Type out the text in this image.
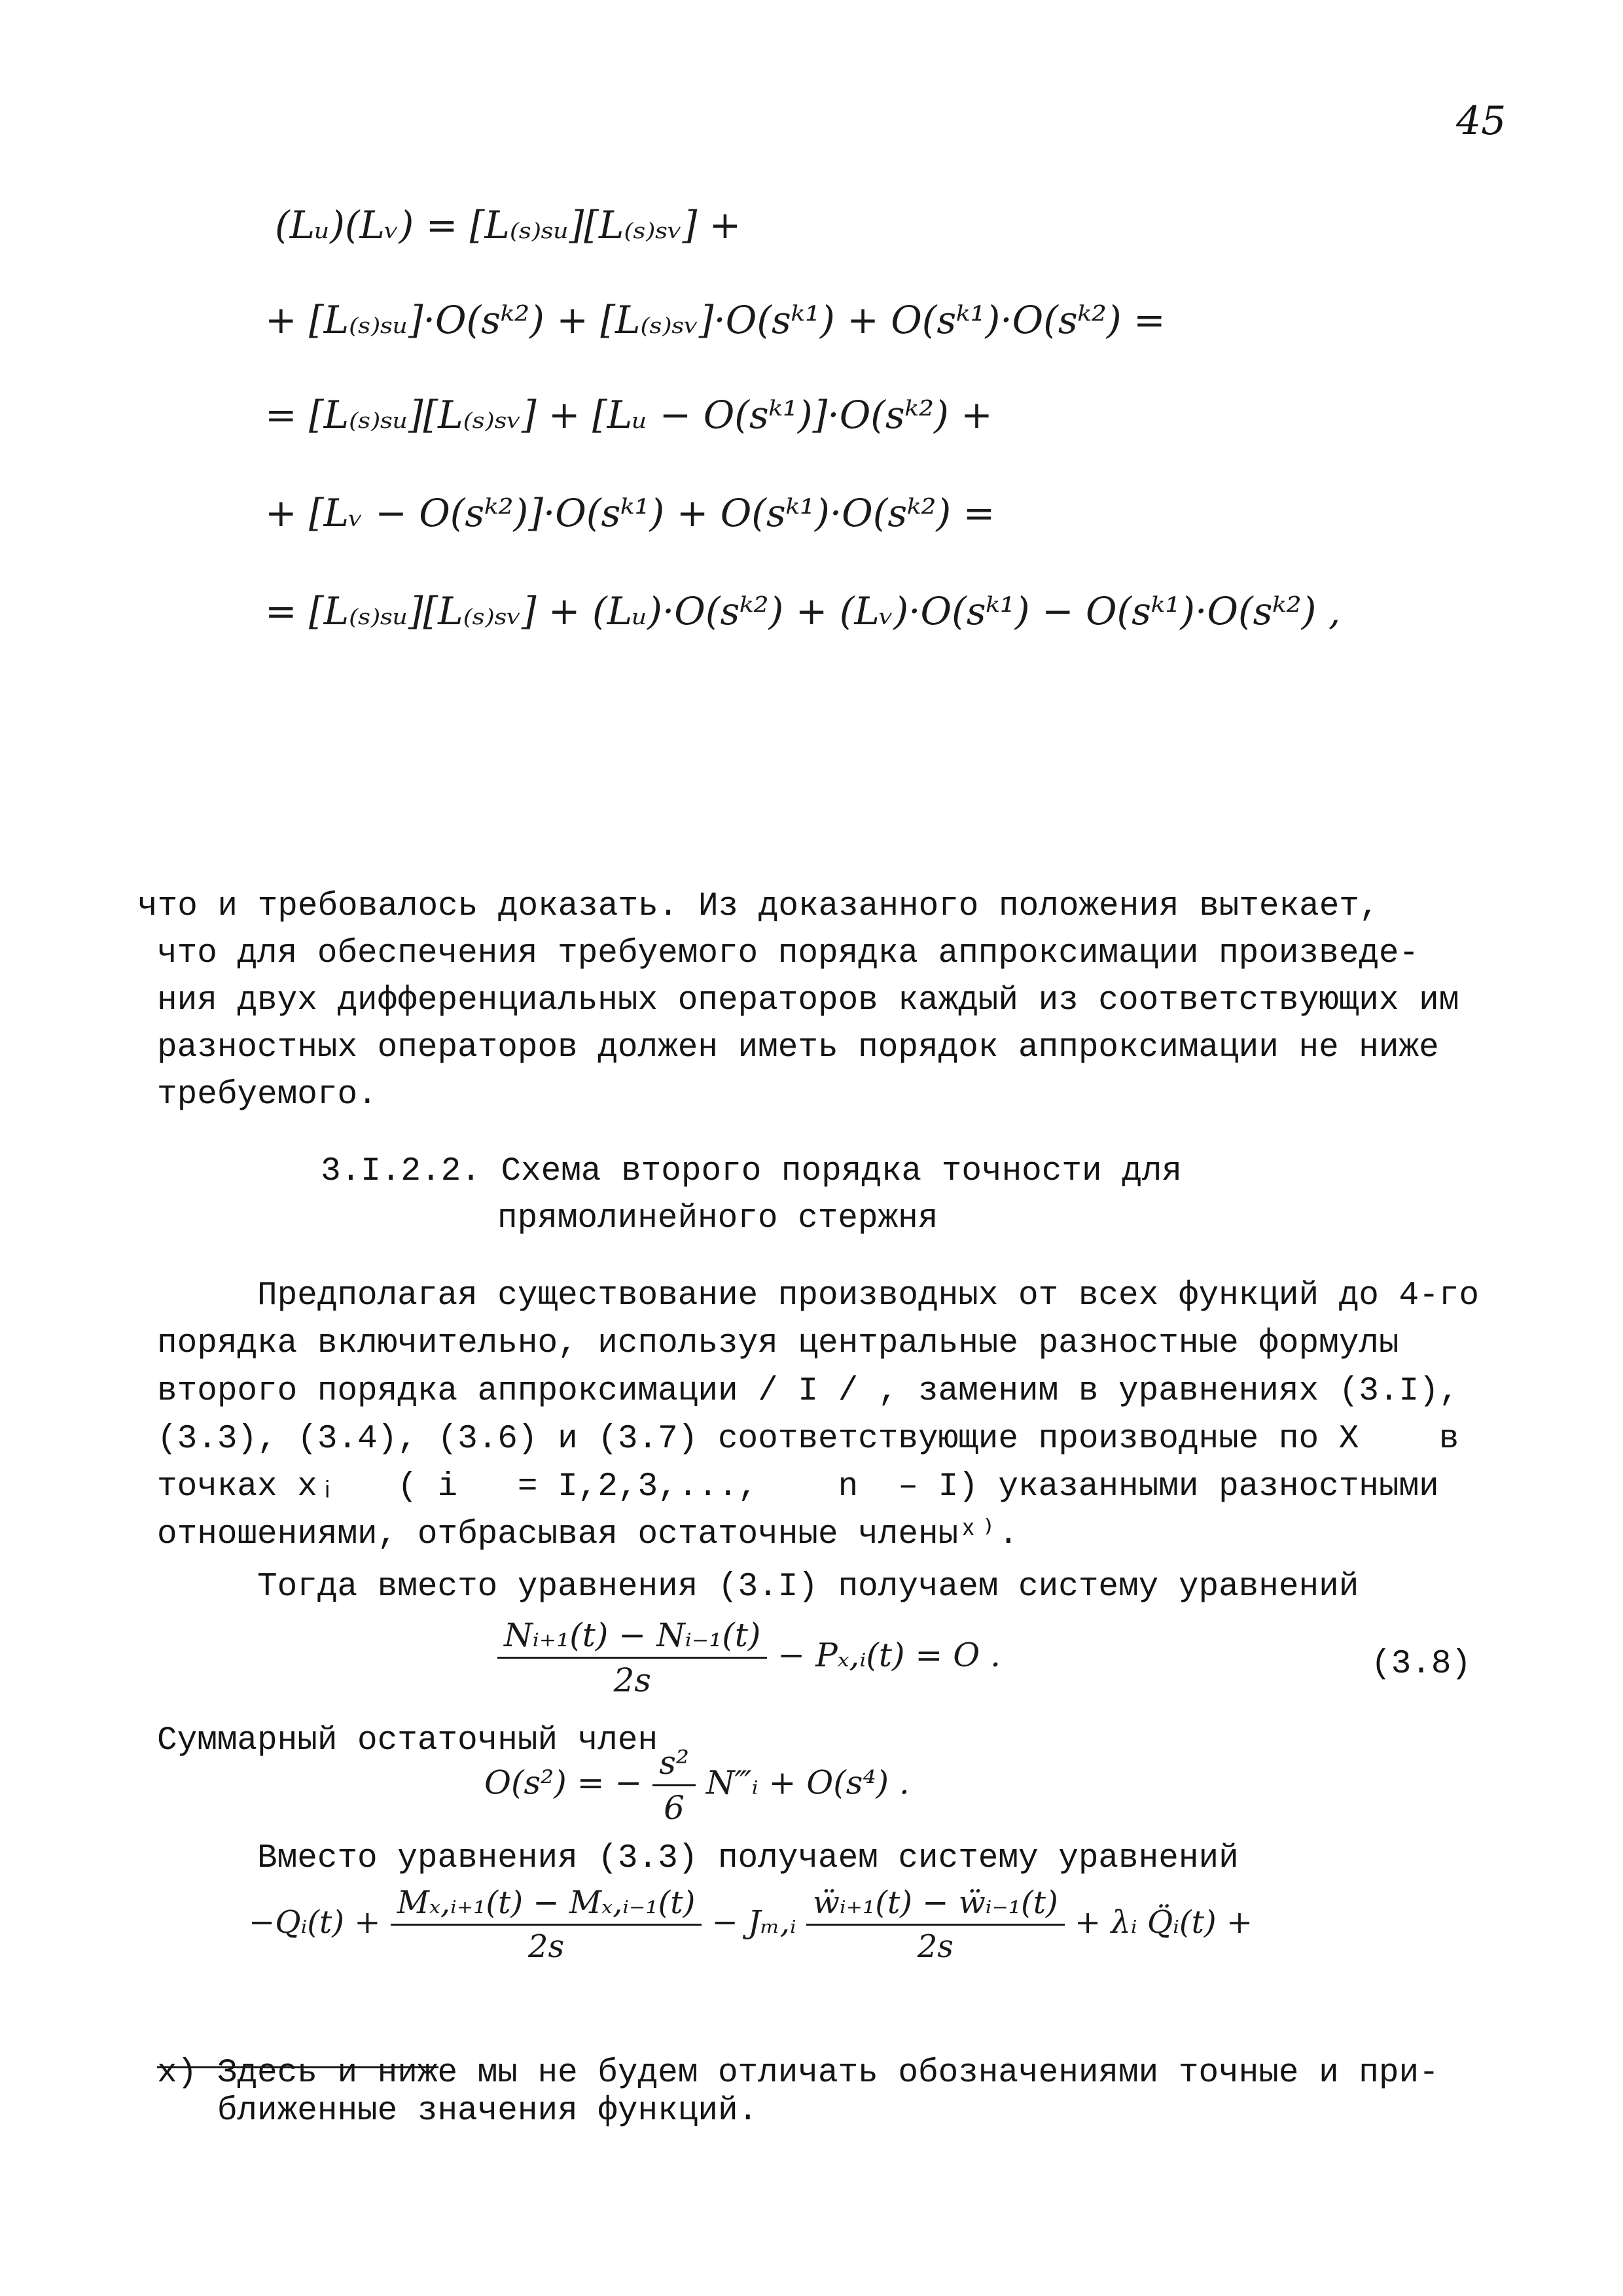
45
(Lᵤ)(Lᵥ) = [L₍ₛ₎ₛᵤ][L₍ₛ₎ₛᵥ] +
+ [L₍ₛ₎ₛᵤ]·O(sᵏ²) + [L₍ₛ₎ₛᵥ]·O(sᵏ¹) + O(sᵏ¹)·O(sᵏ²) =
= [L₍ₛ₎ₛᵤ][L₍ₛ₎ₛᵥ] + [Lᵤ − O(sᵏ¹)]·O(sᵏ²) +
+ [Lᵥ − O(sᵏ²)]·O(sᵏ¹) + O(sᵏ¹)·O(sᵏ²) =
= [L₍ₛ₎ₛᵤ][L₍ₛ₎ₛᵥ] + (Lᵤ)·O(sᵏ²) + (Lᵥ)·O(sᵏ¹) − O(sᵏ¹)·O(sᵏ²) ,

что и требовалось доказать. Из доказанного положения вытекает,

что для обеспечения требуемого порядка аппроксимации произведе-

ния двух дифференциальных операторов каждый из соответствующих им

разностных операторов должен иметь порядок аппроксимации не ниже

требуемого.

3.I.2.2. Схема второго порядка точности для

прямолинейного стержня

Предполагая существование производных от всех функций до 4-го

порядка включительно, используя центральные разностные формулы

второго порядка аппроксимации / I / , заменим в уравнениях (3.I),

(3.3), (3.4), (3.6) и (3.7) соответствующие производные по X    в

точках xᵢ   ( i   = I,2,3,...,    n  – I) указанными разностными

отношениями, отбрасывая остаточные членыˣ⁾.

Тогда вместо уравнения (3.I) получаем систему уравнений

$\frac{\text{Nᵢ₊₁(t) − Nᵢ₋₁(t)}}{2s}$ − Pₓ,ᵢ(t) = O .	(3.8)

Суммарный остаточный член

O(s²) = − $\frac{\text{s²}}{6}$ N‴ᵢ + O(s⁴) .

Вместо уравнения (3.3) получаем систему уравнений

−Qᵢ(t) + $\frac{\text{Mₓ,ᵢ₊₁(t) − Mₓ,ᵢ₋₁(t)}}{2s}$ − Jₘ,ᵢ $\frac{\text{ẅᵢ₊₁(t) − ẅᵢ₋₁(t)}}{2s}$ + λᵢ Q̈ᵢ(t) +

x) Здесь и ниже мы не будем отличать обозначениями точные и при-

ближенные значения функций.
